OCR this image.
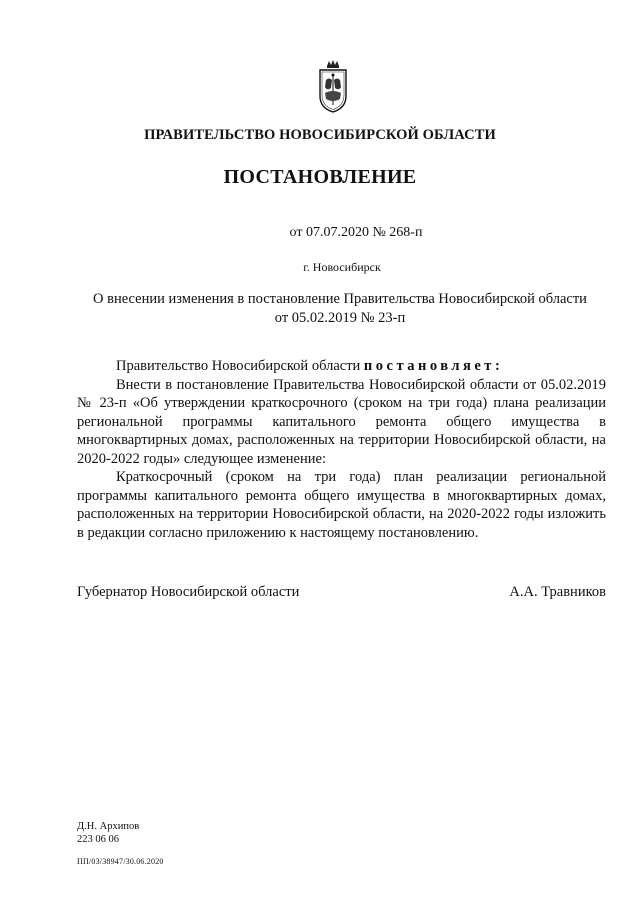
ПРАВИТЕЛЬСТВО НОВОСИБИРСКОЙ ОБЛАСТИ
ПОСТАНОВЛЕНИЕ
от 07.07.2020 № 268-п
г. Новосибирск
О внесении изменения в постановление Правительства Новосибирской области
от 05.02.2019 № 23-п

Правительство Новосибирской области постановляет:

Внести в постановление Правительства Новосибирской области от 05.02.2019 № 23-п «Об утверждении краткосрочного (сроком на три года) плана реализации региональной программы капитального ремонта общего имущества в многоквартирных домах, расположенных на территории Новосибирской области, на 2020-2022 годы» следующее изменение:

Краткосрочный (сроком на три года) план реализации региональной программы капитального ремонта общего имущества в многоквартирных домах, расположенных на территории Новосибирской области, на 2020-2022 годы изложить в редакции согласно приложению к настоящему постановлению.

Губернатор Новосибирской области	А.А. Травников
Д.Н. Архипов
223 06 06
ПП/03/38947/30.06.2020
